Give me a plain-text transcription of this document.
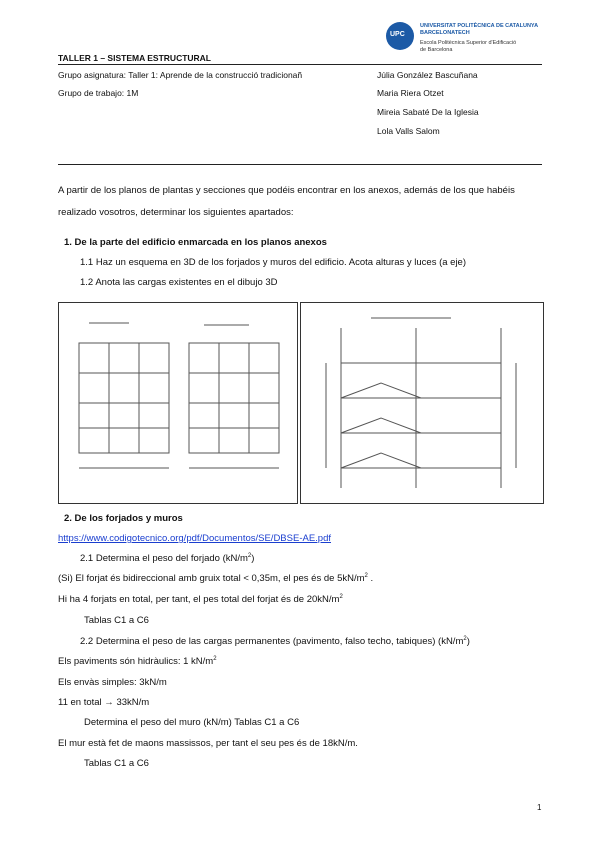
UPC
UNIVERSITAT POLITÈCNICA DE CATALUNYA
BARCELONATECH
Escola Politècnica Superior d'Edificació
de Barcelona
TALLER 1 – SISTEMA ESTRUCTURAL
Grupo asignatura: Taller 1: Aprende de la construcció tradicionañ
Grupo de trabajo: 1M
Júlia González Bascuñana
Maria Riera Otzet
Mireia Sabaté De la Iglesia
Lola Valls Salom
A partir de los planos de plantas y secciones que podéis encontrar en los anexos, además de los que habéis
realizado vosotros, determinar los siguientes apartados:
1. De la parte del edificio enmarcada en los planos anexos
1.1 Haz un esquema en 3D de los forjados y muros del edificio. Acota alturas y luces (a eje)
1.2 Anota las cargas existentes en el dibujo 3D
2. De los forjados y muros
https://www.codigotecnico.org/pdf/Documentos/SE/DBSE-AE.pdf
2.1 Determina el peso del forjado $(kN/m^2)$
(Si) El forjat és bidireccional amb gruix total < 0,35m, el pes és de $5kN/m^2$ .
Hi ha 4 forjats en total, per tant, el pes total del forjat és de $20kN/m^2$
Tablas C1 a C6
2.2 Determina el peso de las cargas permanentes (pavimento, falso techo, tabiques) $(kN/m^2)$
Els paviments són hidràulics: 1 $kN/m^2$
Els envàs simples: 3kN/m
11 en total → 33kN/m
Determina el peso del muro (kN/m) Tablas C1 a C6
El mur està fet de maons massissos, per tant el seu pes és de 18kN/m.
Tablas C1 a C6
1
